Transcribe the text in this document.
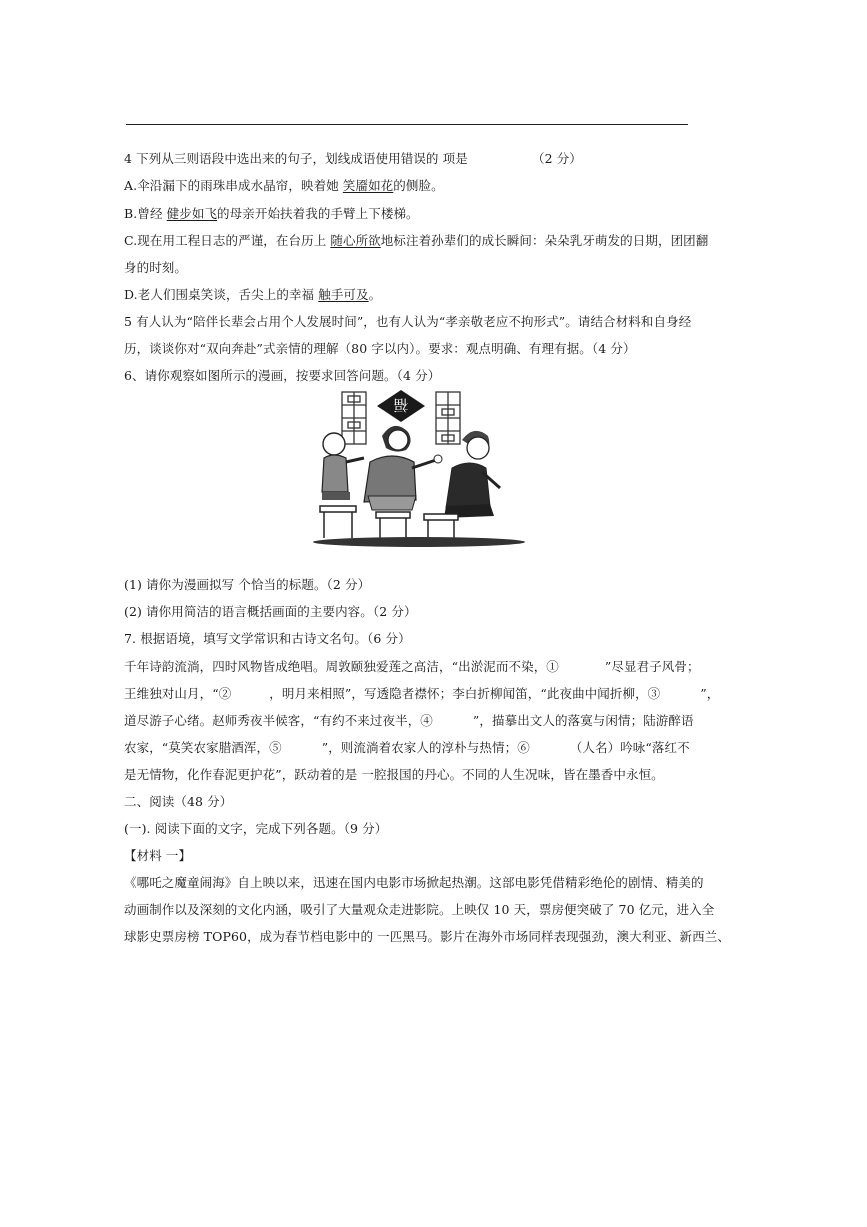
4 下列从三则语段中选出来的句子，划线成语使用错误的 项是	（2 分）
A.伞沿漏下的雨珠串成水晶帘，映着她 笑靥如花的侧脸。
B.曾经 健步如飞的母亲开始扶着我的手臂上下楼梯。
C.现在用工程日志的严谨，在台历上 随心所欲地标注着孙辈们的成长瞬间：朵朵乳牙萌发的日期，团团翻
身的时刻。
D.老人们围桌笑谈，舌尖上的幸福 触手可及。
5 有人认为“陪伴长辈会占用个人发展时间”，也有人认为“孝亲敬老应不拘形式”。请结合材料和自身经
历，谈谈你对“双向奔赴”式亲情的理解（80 字以内）。要求：观点明确、有理有据。（4 分）
6、请你观察如图所示的漫画，按要求回答问题。（4 分）
福
(1) 请你为漫画拟写 个恰当的标题。（2 分）
(2) 请你用简洁的语言概括画面的主要内容。（2 分）
7. 根据语境，填写文学常识和古诗文名句。（6 分）
千年诗韵流淌，四时风物皆成绝唱。周敦颐独爱莲之高洁，“出淤泥而不染，①	”尽显君子风骨；
王维独对山月，“②	，明月来相照”，写透隐者襟怀；李白折柳闻笛，“此夜曲中闻折柳，③	”，
道尽游子心绪。赵师秀夜半候客，“有约不来过夜半，④	”，描摹出文人的落寞与闲情；陆游醉语
农家，“莫笑农家腊酒浑，⑤	”，则流淌着农家人的淳朴与热情；⑥	（人名）吟咏“落红不
是无情物，化作春泥更护花”，跃动着的是 一腔报国的丹心。不同的人生况味，皆在墨香中永恒。
二、阅读（48 分）
(一). 阅读下面的文字，完成下列各题。（9 分）
【材料 一】
《哪吒之魔童闹海》自上映以来，迅速在国内电影市场掀起热潮。这部电影凭借精彩绝伦的剧情、精美的
动画制作以及深刻的文化内涵，吸引了大量观众走进影院。上映仅 10 天，票房便突破了 70 亿元，进入全
球影史票房榜 TOP60，成为春节档电影中的 一匹黑马。影片在海外市场同样表现强劲，澳大利亚、新西兰、
